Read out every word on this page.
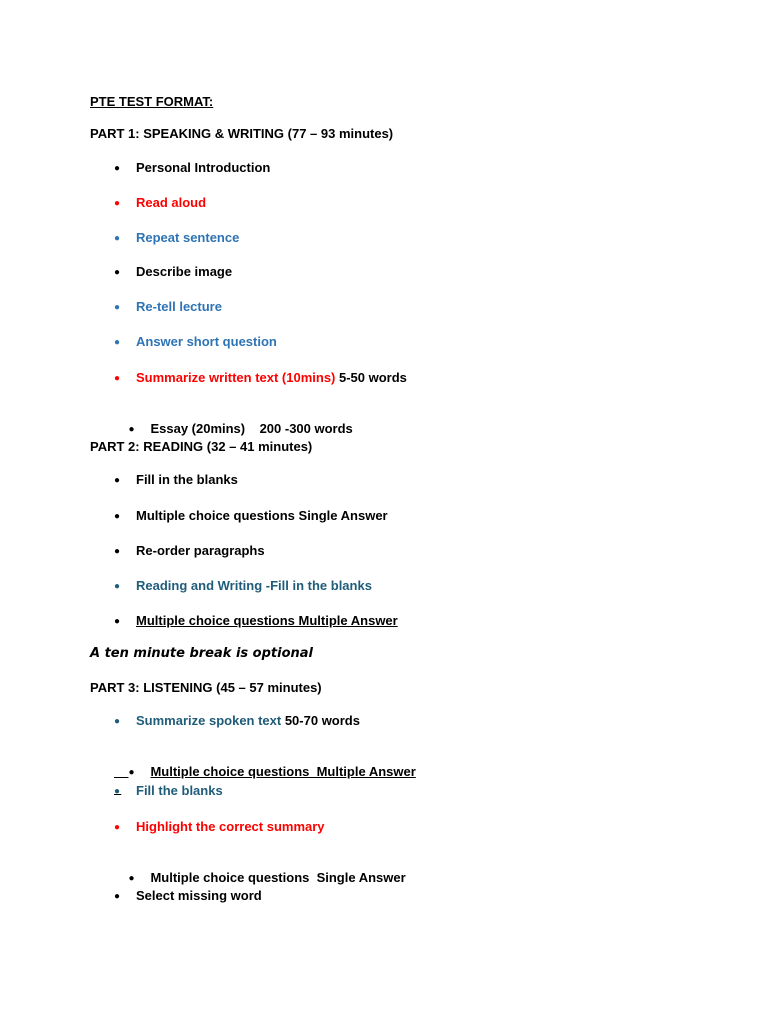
PTE TEST FORMAT:
PART 1: SPEAKING & WRITING (77 – 93 minutes)
● Personal Introduction
● Read aloud
● Repeat sentence
● Describe image
● Re-tell lecture
● Answer short question
● Summarize written text (10mins) 5-50 words

● Essay (20mins)    200 -300 words

PART 2: READING (32 – 41 minutes)
● Fill in the blanks
● Multiple choice questions Single Answer
● Re-order paragraphs
● Reading and Writing -Fill in the blanks
● Multiple choice questions Multiple Answer
A ten minute break is optional
PART 3: LISTENING (45 – 57 minutes)
● Summarize spoken text 50-70 words

● Multiple choice questions  Multiple Answer

● Fill the blanks
● Highlight the correct summary

● Multiple choice questions  Single Answer

● Select missing word
